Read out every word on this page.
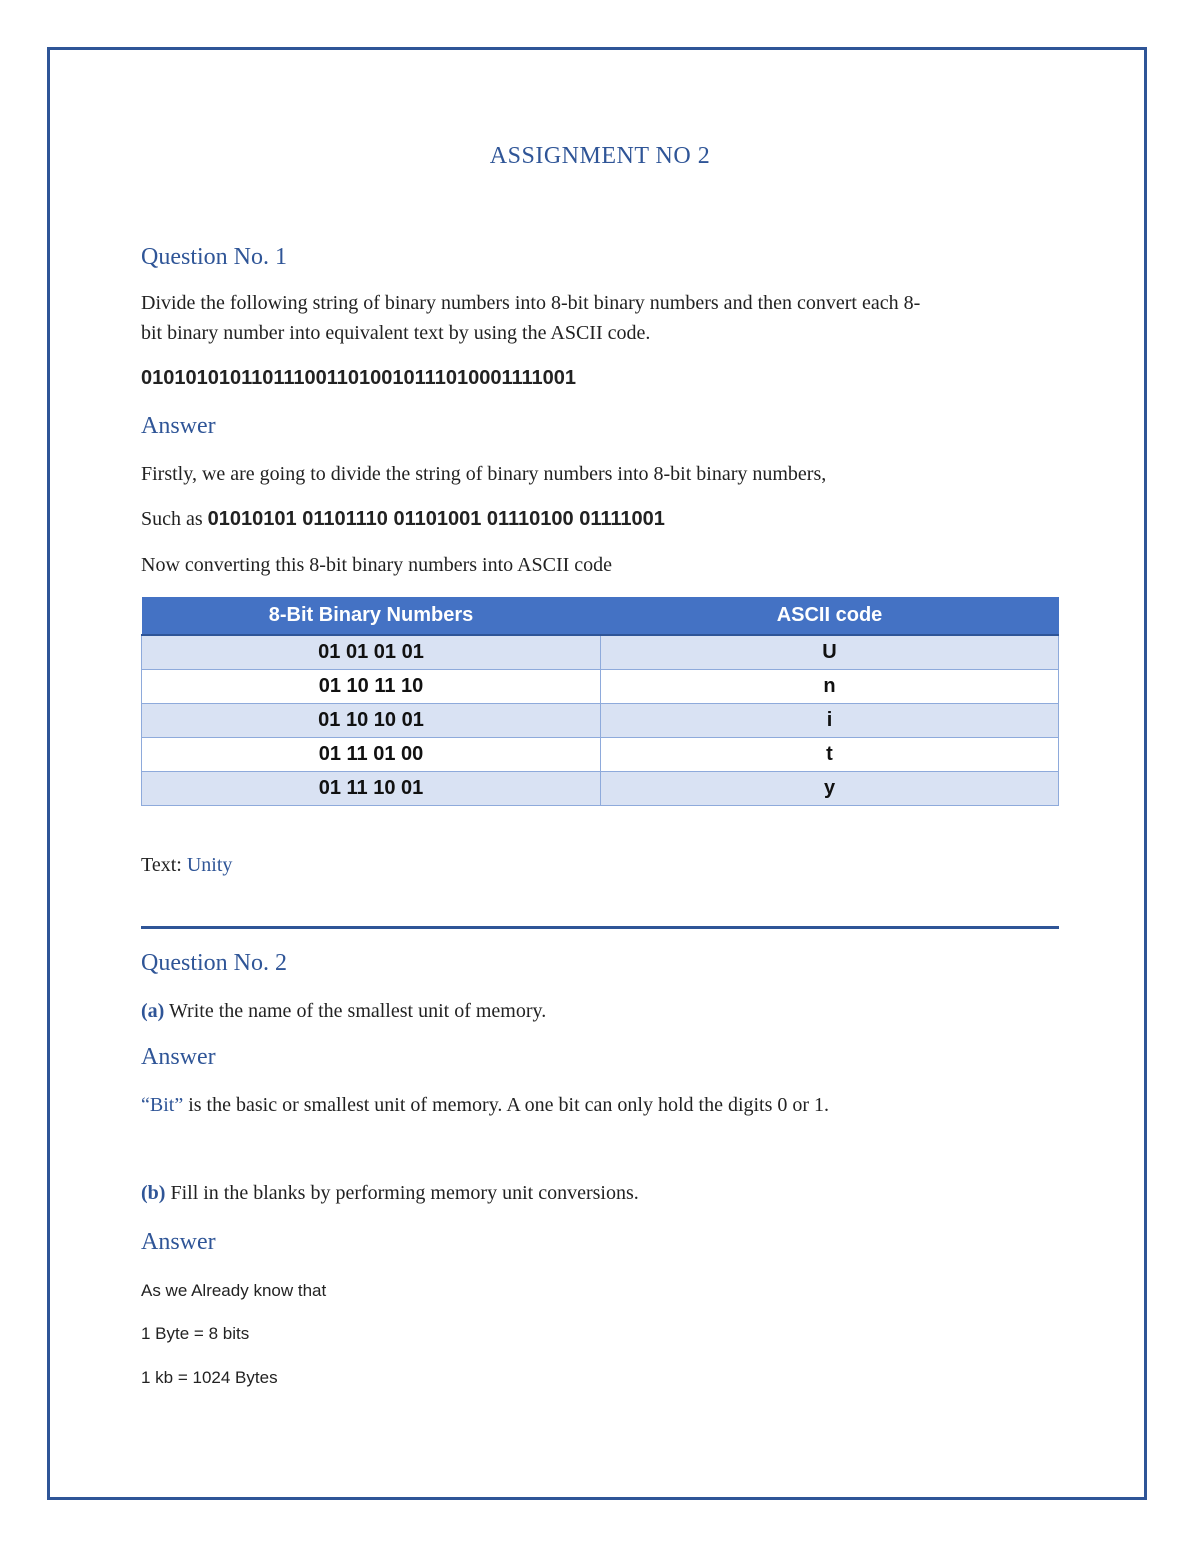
ASSIGNMENT NO 2
Question No. 1
Divide the following string of binary numbers into 8-bit binary numbers and then convert each 8-
bit binary number into equivalent text by using the ASCII code.
0101010101101110011010010111010001111001
Answer
Firstly, we are going to divide the string of binary numbers into 8-bit binary numbers,
Such as 01010101 01101110 01101001 01110100 01111001
Now converting this 8-bit binary numbers into ASCII code
8-Bit Binary Numbers	ASCII code
01 01 01 01	U
01 10 11 10	n
01 10 10 01	i
01 11 01 00	t
01 11 10 01	y
Text: Unity
Question No. 2
(a) Write the name of the smallest unit of memory.
Answer
“Bit” is the basic or smallest unit of memory. A one bit can only hold the digits 0 or 1.
(b) Fill in the blanks by performing memory unit conversions.
Answer
As we Already know that
1 Byte = 8 bits
1 kb = 1024 Bytes
